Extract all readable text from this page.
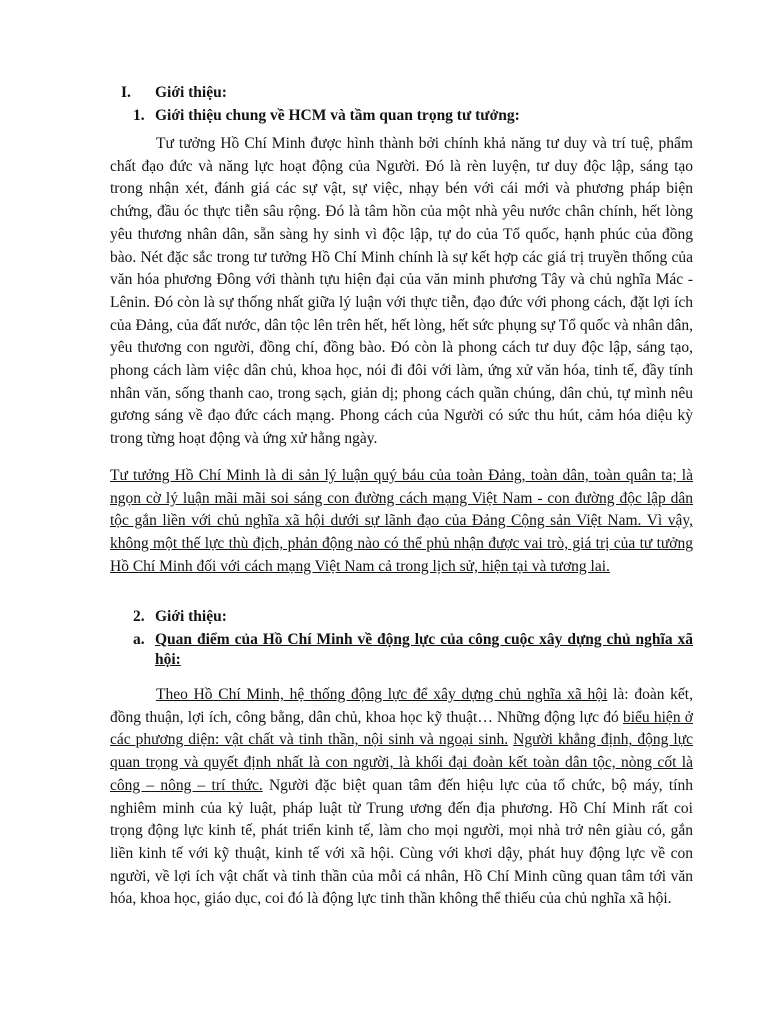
I. Giới thiệu:
1. Giới thiệu chung về HCM và tầm quan trọng tư tưởng:

Tư tưởng Hồ Chí Minh được hình thành bởi chính khả năng tư duy và trí tuệ, phẩm chất đạo đức và năng lực hoạt động của Người. Đó là rèn luyện, tư duy độc lập, sáng tạo trong nhận xét, đánh giá các sự vật, sự việc, nhạy bén với cái mới và phương pháp biện chứng, đầu óc thực tiễn sâu rộng. Đó là tâm hồn của một nhà yêu nước chân chính, hết lòng yêu thương nhân dân, sẵn sàng hy sinh vì độc lập, tự do của Tổ quốc, hạnh phúc của đồng bào. Nét đặc sắc trong tư tưởng Hồ Chí Minh chính là sự kết hợp các giá trị truyền thống của văn hóa phương Đông với thành tựu hiện đại của văn minh phương Tây và chủ nghĩa Mác - Lênin. Đó còn là sự thống nhất giữa lý luận với thực tiễn, đạo đức với phong cách, đặt lợi ích của Đảng, của đất nước, dân tộc lên trên hết, hết lòng, hết sức phụng sự Tổ quốc và nhân dân, yêu thương con người, đồng chí, đồng bào. Đó còn là phong cách tư duy độc lập, sáng tạo, phong cách làm việc dân chủ, khoa học, nói đi đôi với làm, ứng xử văn hóa, tinh tế, đầy tính nhân văn, sống thanh cao, trong sạch, giản dị; phong cách quần chúng, dân chủ, tự mình nêu gương sáng về đạo đức cách mạng. Phong cách của Người có sức thu hút, cảm hóa diệu kỳ trong từng hoạt động và ứng xử hằng ngày.

Tư tưởng Hồ Chí Minh là di sản lý luận quý báu của toàn Đảng, toàn dân, toàn quân ta; là ngọn cờ lý luận mãi mãi soi sáng con đường cách mạng Việt Nam - con đường độc lập dân tộc gắn liền với chủ nghĩa xã hội dưới sự lãnh đạo của Đảng Cộng sản Việt Nam. Vì vậy, không một thế lực thù địch, phản động nào có thể phủ nhận được vai trò, giá trị của tư tưởng Hồ Chí Minh đối với cách mạng Việt Nam cả trong lịch sử, hiện tại và tương lai.

2. Giới thiệu:
a. Quan điểm của Hồ Chí Minh về động lực của công cuộc xây dựng chủ nghĩa xã hội:

Theo Hồ Chí Minh, hệ thống động lực để xây dựng chủ nghĩa xã hội là: đoàn kết, đồng thuận, lợi ích, công bằng, dân chủ, khoa học kỹ thuật… Những động lực đó biểu hiện ở các phương diện: vật chất và tinh thần, nội sinh và ngoại sinh. Người khẳng định, động lực quan trọng và quyết định nhất là con người, là khối đại đoàn kết toàn dân tộc, nòng cốt là công – nông – trí thức. Người đặc biệt quan tâm đến hiệu lực của tổ chức, bộ máy, tính nghiêm minh của kỷ luật, pháp luật từ Trung ương đến địa phương. Hồ Chí Minh rất coi trọng động lực kinh tế, phát triển kinh tế, làm cho mọi người, mọi nhà trở nên giàu có, gắn liền kinh tế với kỹ thuật, kinh tế với xã hội. Cùng với khơi dậy, phát huy động lực về con người, về lợi ích vật chất và tinh thần của mỗi cá nhân, Hồ Chí Minh cũng quan tâm tới văn hóa, khoa học, giáo dục, coi đó là động lực tinh thần không thể thiếu của chủ nghĩa xã hội.
